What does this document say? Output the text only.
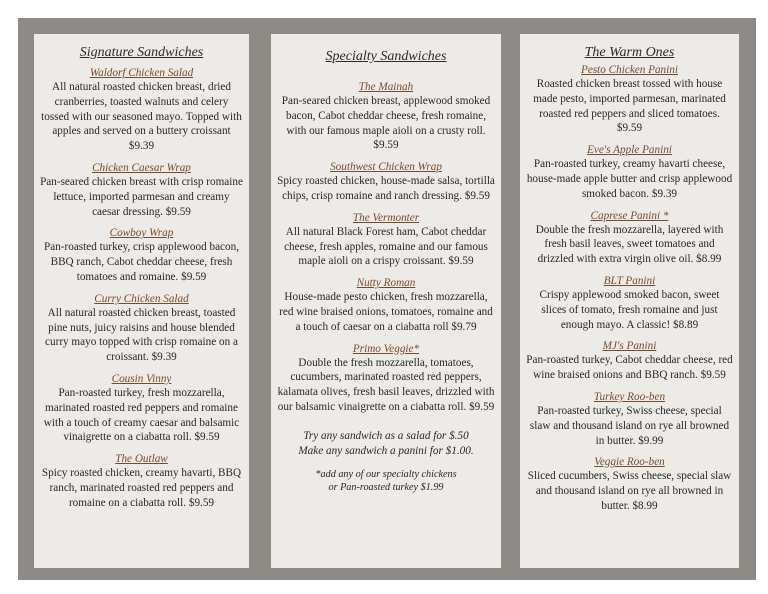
Signature Sandwiches
Waldorf Chicken Salad

All natural roasted chicken breast, dried cranberries, toasted walnuts and celery tossed with our seasoned mayo. Topped with apples and served on a buttery croissant $9.39

Chicken Caesar Wrap

Pan-seared chicken breast with crisp romaine lettuce, imported parmesan and creamy caesar dressing. $9.59

Cowboy Wrap

Pan-roasted turkey, crisp applewood bacon, BBQ ranch, Cabot cheddar cheese, fresh tomatoes and romaine. $9.59

Curry Chicken Salad

All natural roasted chicken breast, toasted pine nuts, juicy raisins and house blended curry mayo topped with crisp romaine on a croissant. $9.39

Cousin Vinny

Pan-roasted turkey, fresh mozzarella, marinated roasted red peppers and romaine with a touch of creamy caesar and balsamic vinaigrette on a ciabatta roll. $9.59

The Outlaw

Spicy roasted chicken, creamy havarti, BBQ ranch, marinated roasted red peppers and romaine on a ciabatta roll. $9.59

Specialty Sandwiches
The Mainah

Pan-seared chicken breast, applewood smoked bacon, Cabot cheddar cheese, fresh romaine, with our famous maple aioli on a crusty roll. $9.59

Southwest Chicken Wrap

Spicy roasted chicken, house-made salsa, tortilla chips, crisp romaine and ranch dressing. $9.59

The Vermonter

All natural Black Forest ham, Cabot cheddar cheese, fresh apples, romaine and our famous maple aioli on a crispy croissant. $9.59

Nutty Roman

House-made pesto chicken, fresh mozzarella, red wine braised onions, tomatoes, romaine and a touch of caesar on a ciabatta roll $9.79

Primo Veggie*

Double the fresh mozzarella, tomatoes, cucumbers, marinated roasted red peppers, kalamata olives, fresh basil leaves, drizzled with our balsamic vinaigrette on a ciabatta roll. $9.59

Try any sandwich as a salad for $.50

Make any sandwich a panini for $1.00.

*add any of our specialty chickens

or Pan-roasted turkey $1.99

The Warm Ones
Pesto Chicken Panini

Roasted chicken breast tossed with house made pesto, imported parmesan, marinated roasted red peppers and sliced tomatoes. $9.59

Eve's Apple Panini

Pan-roasted turkey, creamy havarti cheese, house-made apple butter and crisp applewood smoked bacon. $9.39

Caprese Panini *

Double the fresh mozzarella, layered with fresh basil leaves, sweet tomatoes and drizzled with extra virgin olive oil. $8.99

BLT Panini

Crispy applewood smoked bacon, sweet slices of tomato, fresh romaine and just enough mayo. A classic! $8.89

MJ's Panini

Pan-roasted turkey, Cabot cheddar cheese, red wine braised onions and BBQ ranch. $9.59

Turkey Roo-ben

Pan-roasted turkey, Swiss cheese, special slaw and thousand island on rye all browned in butter. $9.99

Veggie Roo-ben

Sliced cucumbers, Swiss cheese, special slaw and thousand island on rye all browned in butter. $8.99
